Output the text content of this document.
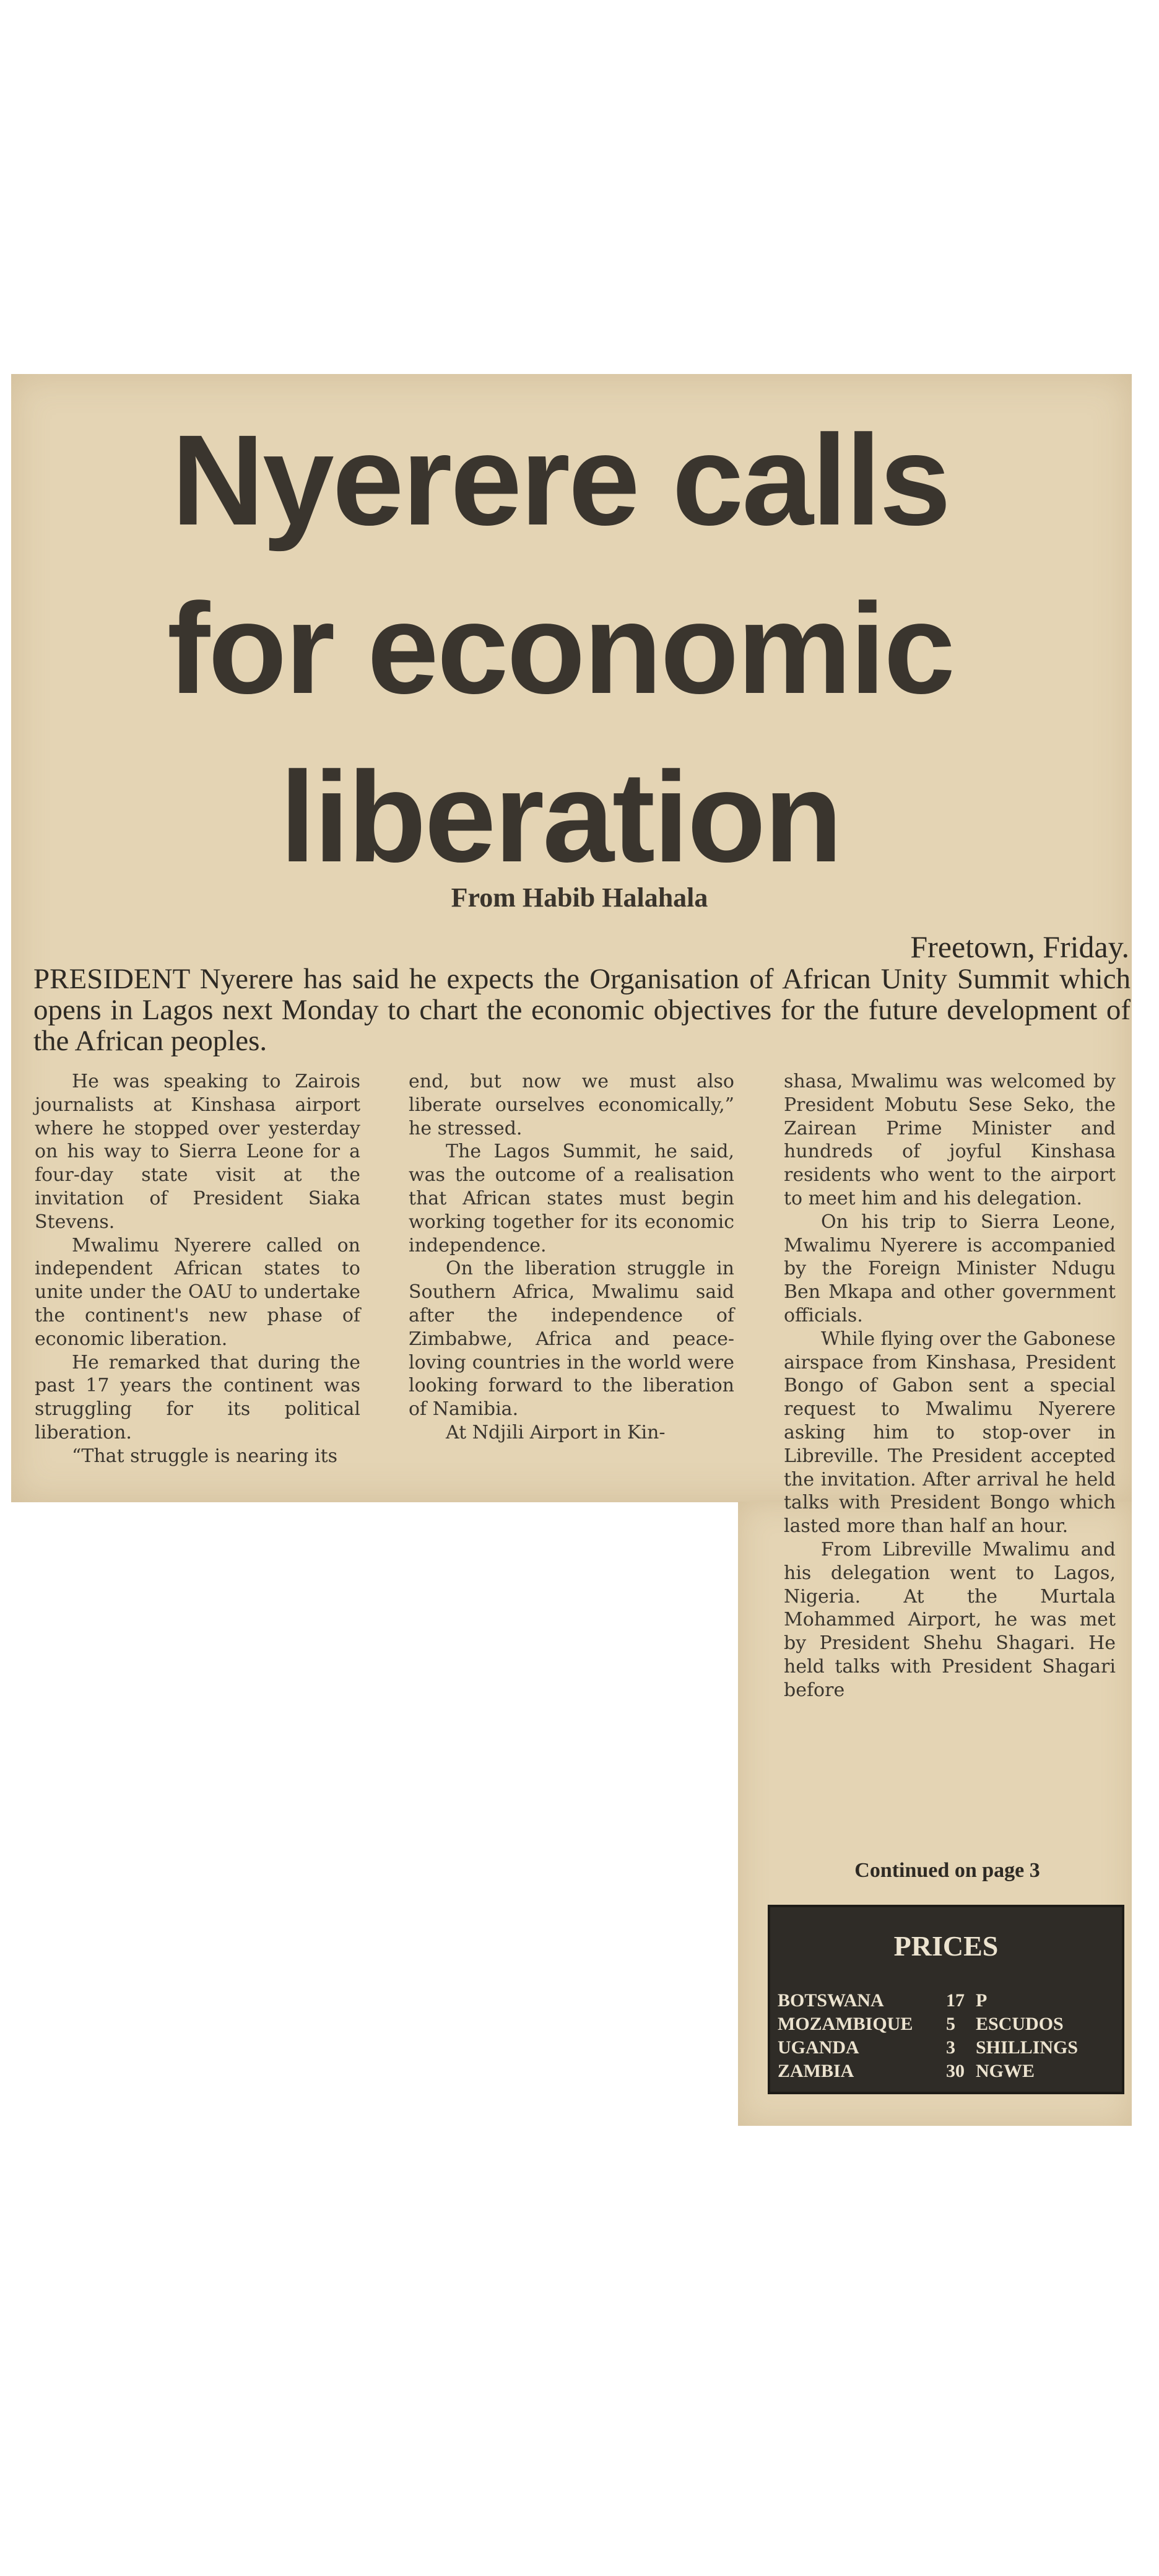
Nyerere calls
for economic
liberation
From Habib Halahala
Freetown, Friday.

PRESIDENT Nyerere has said he expects the Organisation of African Unity Summit which opens in Lagos next Monday to chart the economic objectives for the future development of the African peoples.

He was speaking to Zairois journalists at Kinshasa airport where he stopped over yesterday on his way to Sierra Leone for a four-day state visit at the invitation of President Siaka Stevens.

Mwalimu Nyerere called on independent African states to unite under the OAU to undertake the continent's new phase of economic liberation.

He remarked that during the past 17 years the continent was struggling for its political liberation.

“That struggle is nearing its

end, but now we must also liberate ourselves economically,” he stressed.

The Lagos Summit, he said, was the outcome of a realisation that African states must begin working together for its economic independence.

On the liberation struggle in Southern Africa, Mwalimu said after the independence of Zimbabwe, Africa and peace-loving countries in the world were looking forward to the liberation of Namibia.

At Ndjili Airport in Kin-

shasa, Mwalimu was welcomed by President Mobutu Sese Seko, the Zairean Prime Minister and hundreds of joyful Kinshasa residents who went to the airport to meet him and his delegation.

On his trip to Sierra Leone, Mwalimu Nyerere is accompanied by the Foreign Minister Ndugu Ben Mkapa and other government officials.

While flying over the Gabonese airspace from Kinshasa, President Bongo of Gabon sent a special request to Mwalimu Nyerere asking him to stop-over in Libreville. The President accepted the invitation. After arrival he held talks with President Bongo which lasted more than half an hour.

From Libreville Mwalimu and his delegation went to Lagos, Nigeria. At the Murtala Mohammed Airport, he was met by President Shehu Shagari. He held talks with President Shagari before

Continued on page 3
PRICES
BOTSWANA	17 P
MOZAMBIQUE	5	ESCUDOS
UGANDA	3	SHILLINGS
ZAMBIA	30 NGWE
